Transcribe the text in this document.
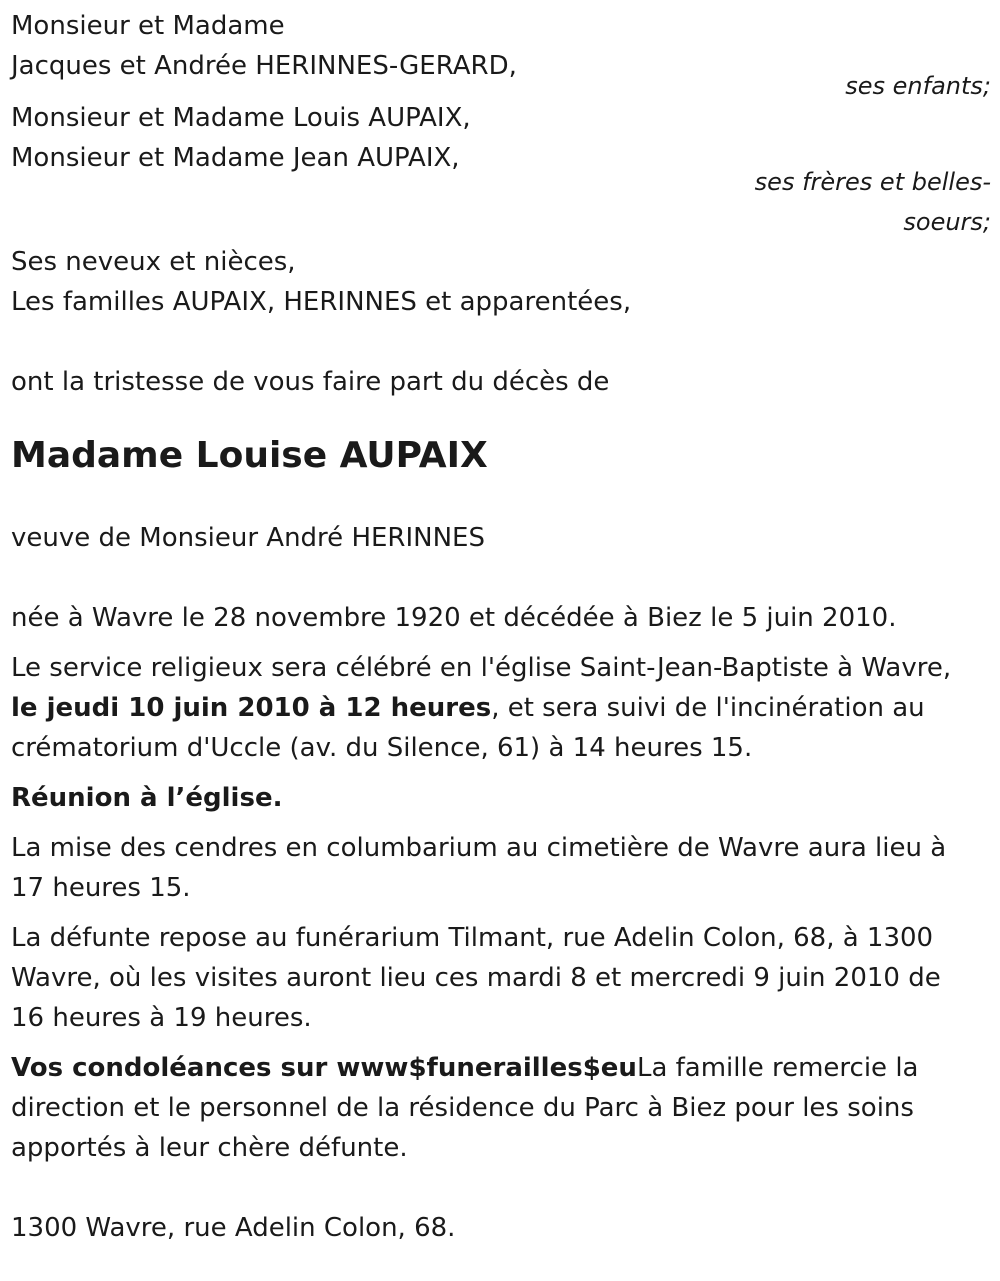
Monsieur et Madame
Jacques et Andrée HERINNES-GERARD,
ses enfants;
Monsieur et Madame Louis AUPAIX,
Monsieur et Madame Jean AUPAIX,
ses frères et belles-
soeurs;
Ses neveux et nièces,
Les familles AUPAIX, HERINNES et apparentées,
ont la tristesse de vous faire part du décès de
Madame Louise AUPAIX
veuve de Monsieur André HERINNES
née à Wavre le 28 novembre 1920 et décédée à Biez le 5 juin 2010.
Le service religieux sera célébré en l'église Saint-Jean-Baptiste à Wavre,
le jeudi 10 juin 2010 à 12 heures, et sera suivi de l'incinération au
crématorium d'Uccle (av. du Silence, 61) à 14 heures 15.
Réunion à l’église.
La mise des cendres en columbarium au cimetière de Wavre aura lieu à
17 heures 15.
La défunte repose au funérarium Tilmant, rue Adelin Colon, 68, à 1300
Wavre, où les visites auront lieu ces mardi 8 et mercredi 9 juin 2010 de
16 heures à 19 heures.
Vos condoléances sur www$funerailles$euLa famille remercie la
direction et le personnel de la résidence du Parc à Biez pour les soins
apportés à leur chère défunte.
1300 Wavre, rue Adelin Colon, 68.
